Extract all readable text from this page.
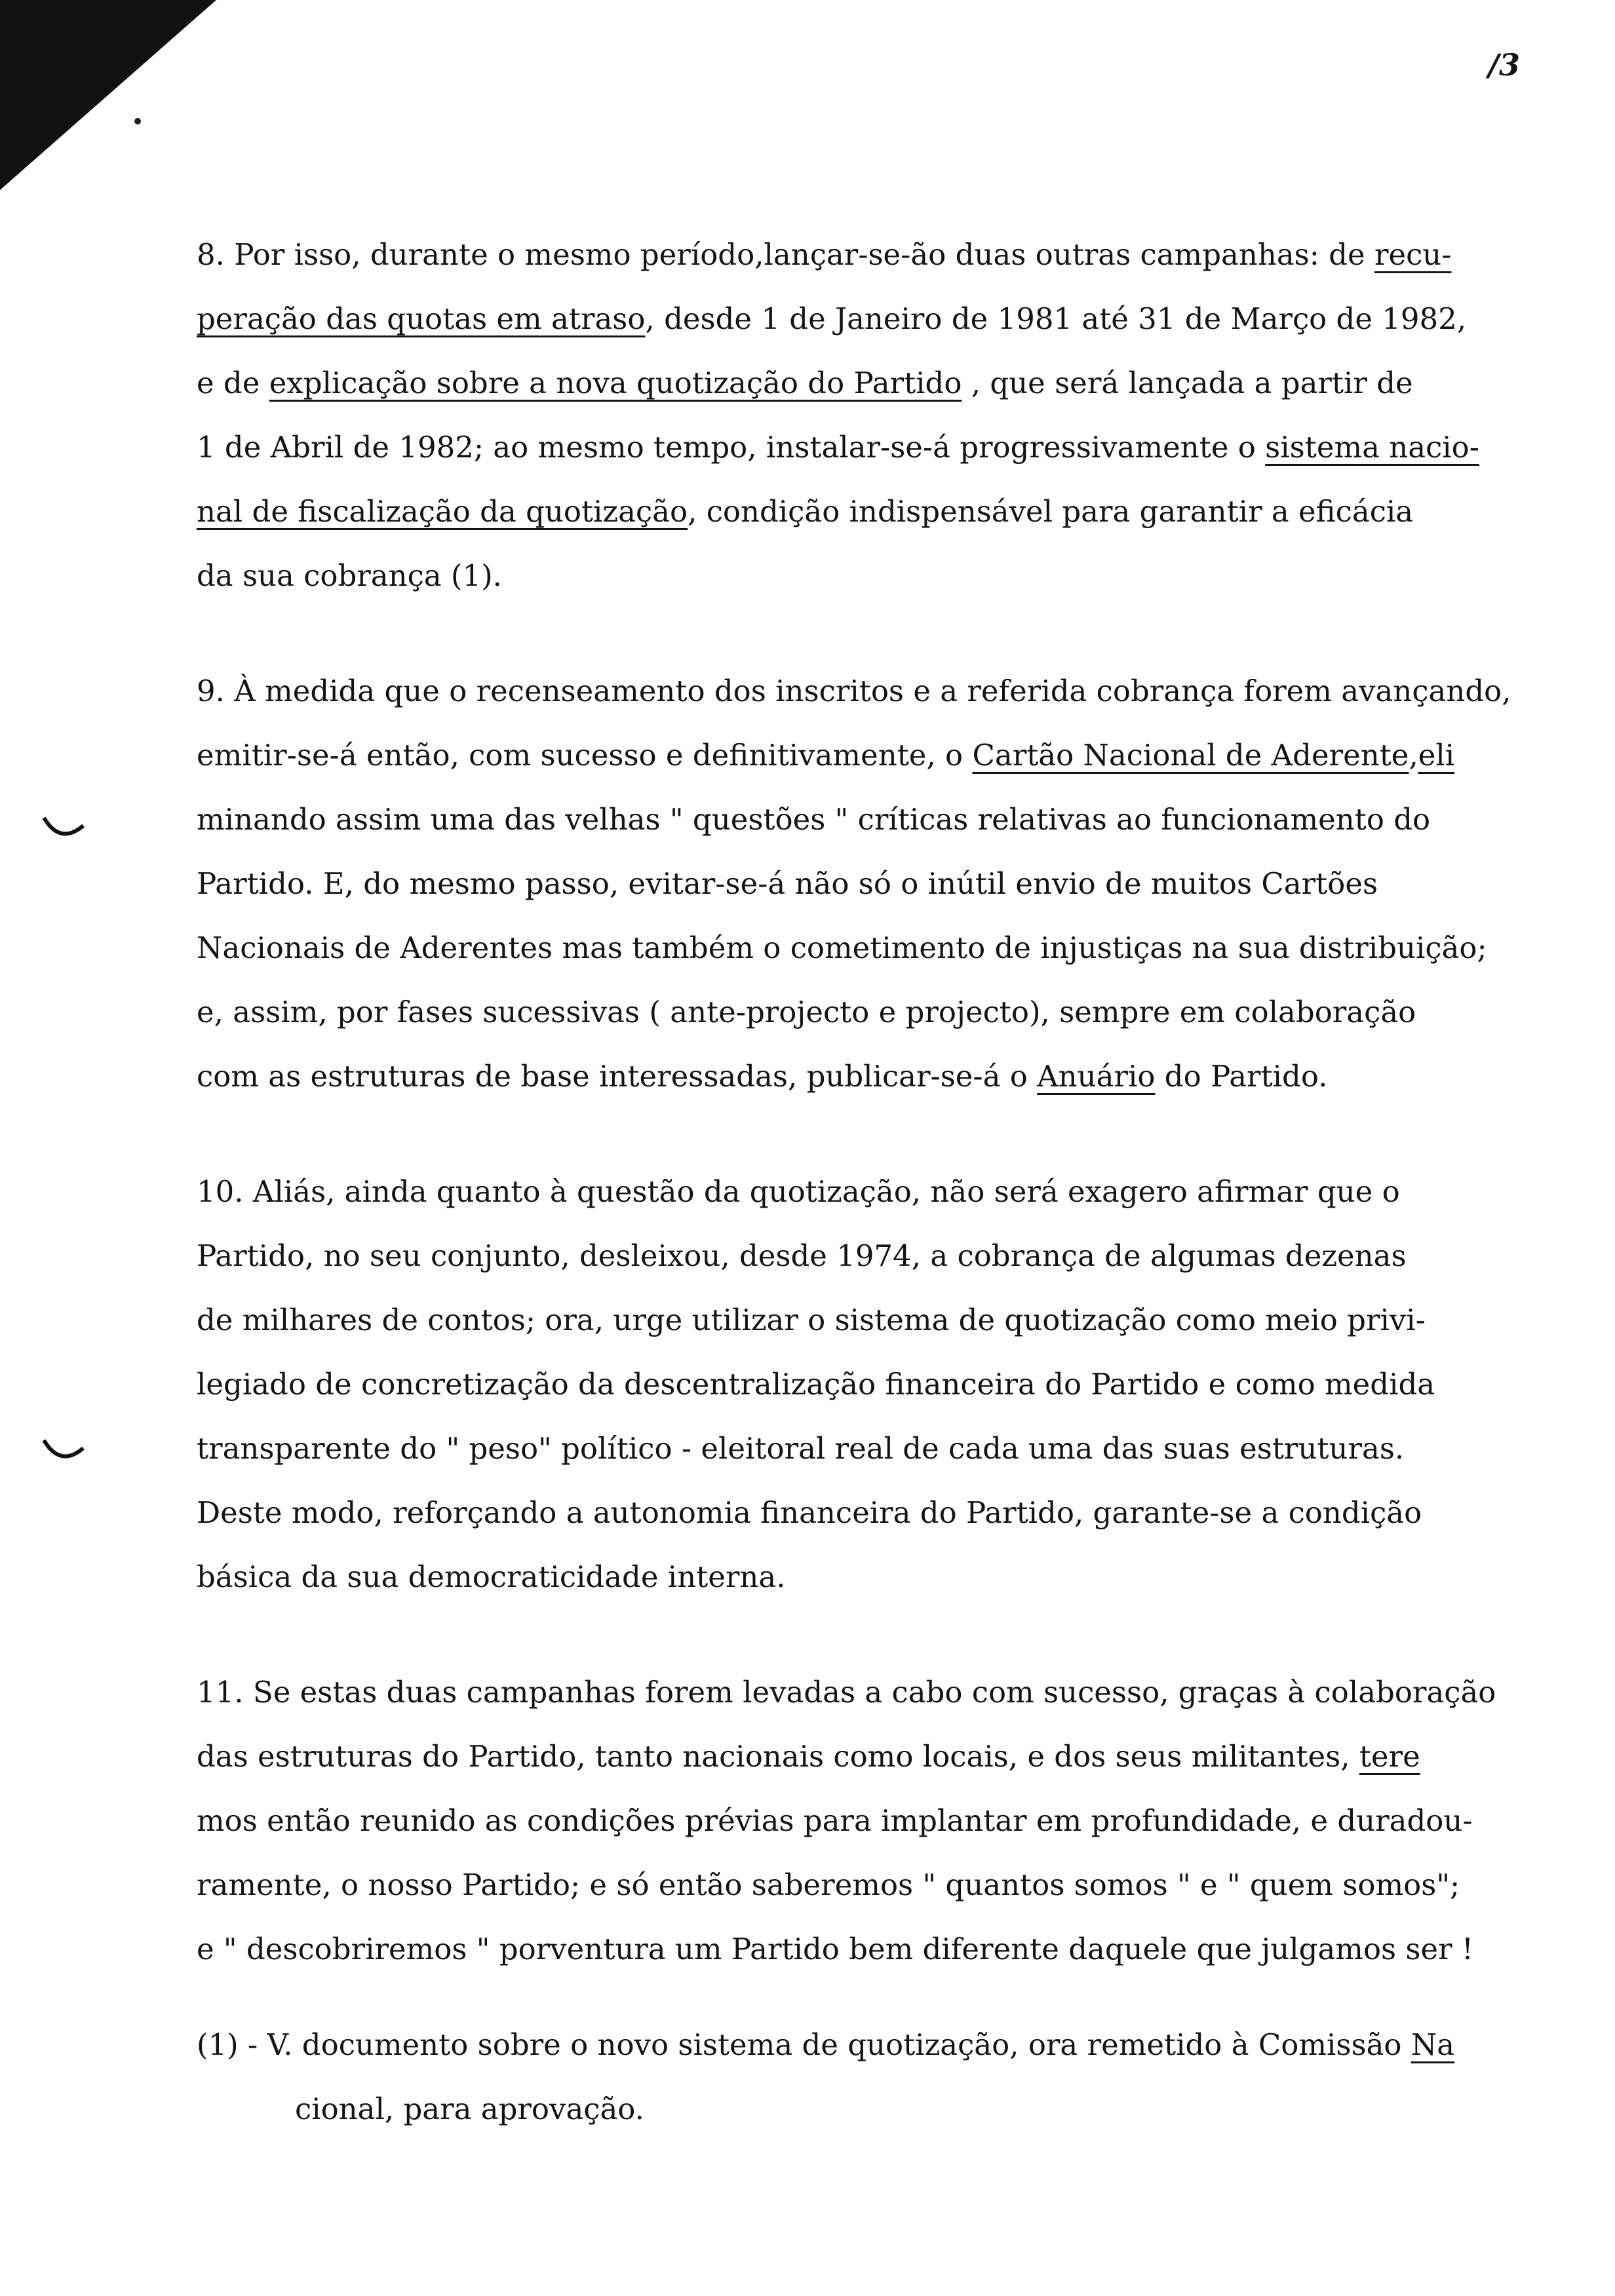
/3
8. Por isso, durante o mesmo período,lançar-se-ão duas outras campanhas: de recu-
peração das quotas em atraso, desde 1 de Janeiro de 1981 até 31 de Março de 1982,
e de explicação sobre a nova quotização do Partido , que será lançada a partir de
1 de Abril de 1982; ao mesmo tempo, instalar-se-á progressivamente o sistema nacio-
nal de fiscalização da quotização, condição indispensável para garantir a eficácia
da sua cobrança (1).
9. À medida que o recenseamento dos inscritos e a referida cobrança forem avançando,
emitir-se-á então, com sucesso e definitivamente, o Cartão Nacional de Aderente,eli
minando assim uma das velhas " questões " críticas relativas ao funcionamento do
Partido. E, do mesmo passo, evitar-se-á não só o inútil envio de muitos Cartões
Nacionais de Aderentes mas também o cometimento de injustiças na sua distribuição;
e, assim, por fases sucessivas ( ante-projecto e projecto), sempre em colaboração
com as estruturas de base interessadas, publicar-se-á o Anuário do Partido.
10. Aliás, ainda quanto à questão da quotização, não será exagero afirmar que o
Partido, no seu conjunto, desleixou, desde 1974, a cobrança de algumas dezenas
de milhares de contos; ora, urge utilizar o sistema de quotização como meio privi-
legiado de concretização da descentralização financeira do Partido e como medida
transparente do " peso" político - eleitoral real de cada uma das suas estruturas.
Deste modo, reforçando a autonomia financeira do Partido, garante-se a condição
básica da sua democraticidade interna.
11. Se estas duas campanhas forem levadas a cabo com sucesso, graças à colaboração
das estruturas do Partido, tanto nacionais como locais, e dos seus militantes, tere
mos então reunido as condições prévias para implantar em profundidade, e duradou-
ramente, o nosso Partido; e só então saberemos " quantos somos " e " quem somos";
e " descobriremos " porventura um Partido bem diferente daquele que julgamos ser !
(1) - V. documento sobre o novo sistema de quotização, ora remetido à Comissão Na
cional, para aprovação.
